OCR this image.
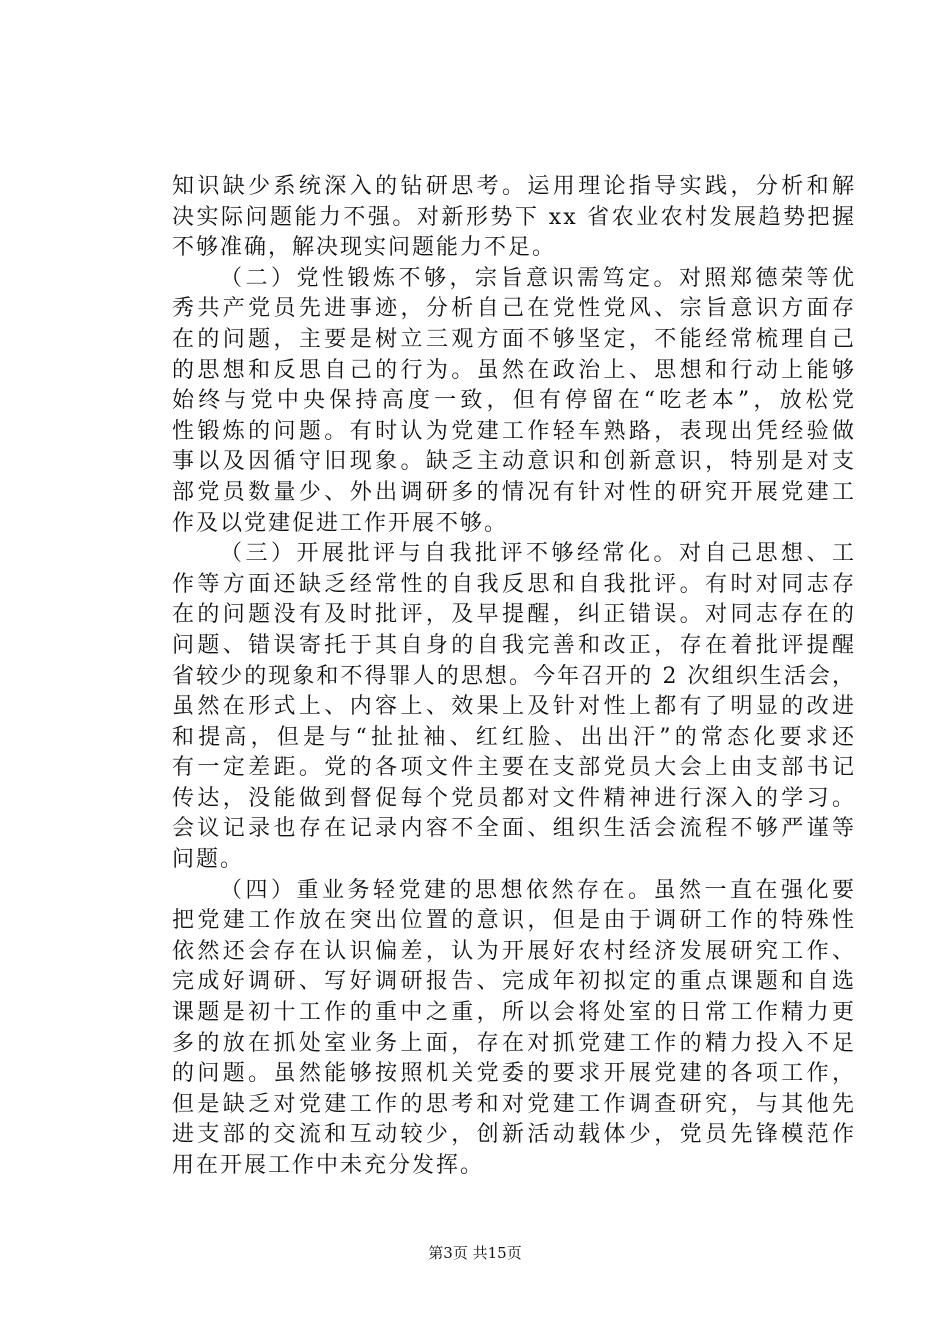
知识缺少系统深入的钻研思考。运用理论指导实践，分析和解
决实际问题能力不强。对新形势下 xx 省农业农村发展趋势把握
不够准确，解决现实问题能力不足。
（二）党性锻炼不够，宗旨意识需笃定。对照郑德荣等优
秀共产党员先进事迹，分析自己在党性党风、宗旨意识方面存
在的问题，主要是树立三观方面不够坚定，不能经常梳理自己
的思想和反思自己的行为。虽然在政治上、思想和行动上能够
始终与党中央保持高度一致，但有停留在“吃老本”，放松党
性锻炼的问题。有时认为党建工作轻车熟路，表现出凭经验做
事以及因循守旧现象。缺乏主动意识和创新意识，特别是对支
部党员数量少、外出调研多的情况有针对性的研究开展党建工
作及以党建促进工作开展不够。
（三）开展批评与自我批评不够经常化。对自己思想、工
作等方面还缺乏经常性的自我反思和自我批评。有时对同志存
在的问题没有及时批评，及早提醒，纠正错误。对同志存在的
问题、错误寄托于其自身的自我完善和改正，存在着批评提醒
省较少的现象和不得罪人的思想。今年召开的 2 次组织生活会，
虽然在形式上、内容上、效果上及针对性上都有了明显的改进
和提高，但是与“扯扯袖、红红脸、出出汗”的常态化要求还
有一定差距。党的各项文件主要在支部党员大会上由支部书记
传达，没能做到督促每个党员都对文件精神进行深入的学习。
会议记录也存在记录内容不全面、组织生活会流程不够严谨等
问题。
（四）重业务轻党建的思想依然存在。虽然一直在强化要
把党建工作放在突出位置的意识，但是由于调研工作的特殊性
依然还会存在认识偏差，认为开展好农村经济发展研究工作、
完成好调研、写好调研报告、完成年初拟定的重点课题和自选
课题是初十工作的重中之重，所以会将处室的日常工作精力更
多的放在抓处室业务上面，存在对抓党建工作的精力投入不足
的问题。虽然能够按照机关党委的要求开展党建的各项工作，
但是缺乏对党建工作的思考和对党建工作调查研究，与其他先
进支部的交流和互动较少，创新活动载体少，党员先锋模范作
用在开展工作中未充分发挥。
第3页 共15页
